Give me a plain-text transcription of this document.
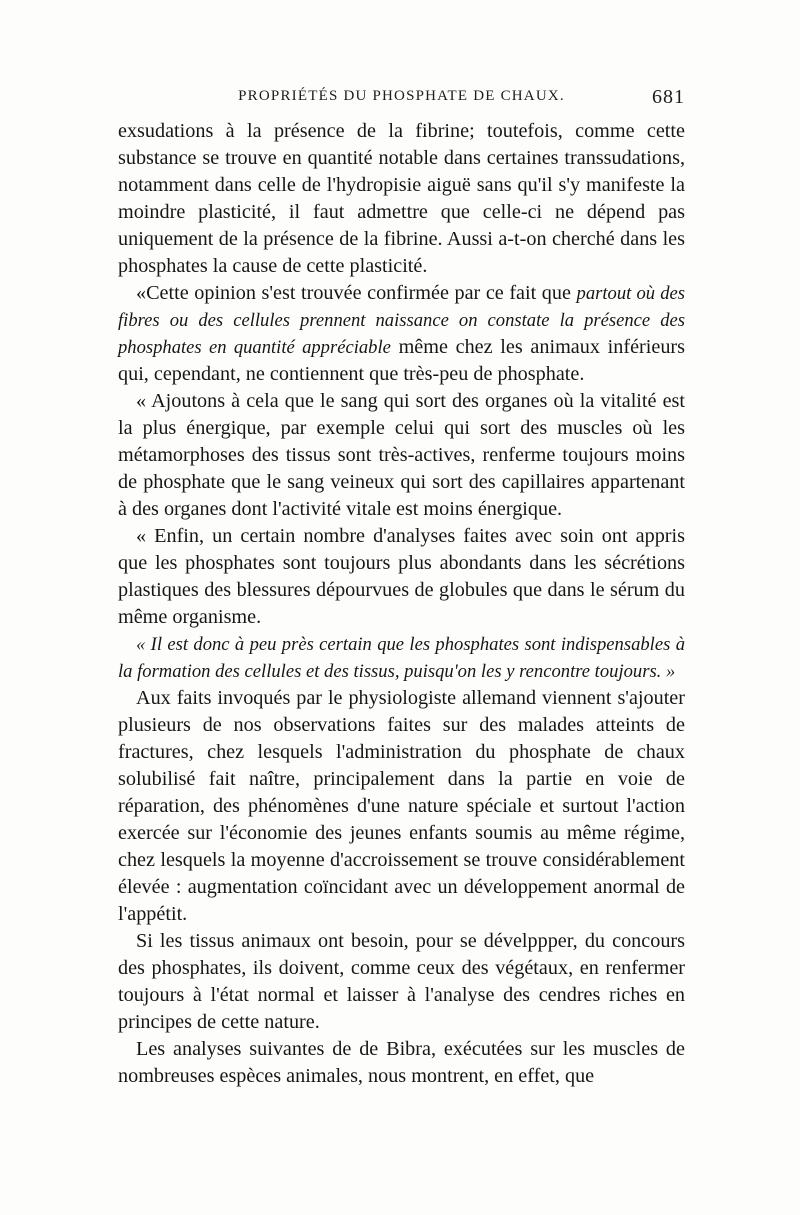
PROPRIÉTÉS DU PHOSPHATE DE CHAUX.	681

exsudations à la présence de la fibrine; toutefois, comme cette substance se trouve en quantité notable dans certaines transsudations, notamment dans celle de l'hydropisie aiguë sans qu'il s'y manifeste la moindre plasticité, il faut admettre que celle-ci ne dépend pas uniquement de la présence de la fibrine. Aussi a-t-on cherché dans les phosphates la cause de cette plasticité.

«Cette opinion s'est trouvée confirmée par ce fait que partout où des fibres ou des cellules prennent naissance on constate la présence des phosphates en quantité appréciable même chez les animaux inférieurs qui, cependant, ne contiennent que très-peu de phosphate.

« Ajoutons à cela que le sang qui sort des organes où la vitalité est la plus énergique, par exemple celui qui sort des muscles où les métamorphoses des tissus sont très-actives, renferme toujours moins de phosphate que le sang veineux qui sort des capillaires appartenant à des organes dont l'activité vitale est moins énergique.

« Enfin, un certain nombre d'analyses faites avec soin ont appris que les phosphates sont toujours plus abondants dans les sécrétions plastiques des blessures dépourvues de globules que dans le sérum du même organisme.

« Il est donc à peu près certain que les phosphates sont indispensables à la formation des cellules et des tissus, puisqu'on les y rencontre toujours. »

Aux faits invoqués par le physiologiste allemand viennent s'ajouter plusieurs de nos observations faites sur des malades atteints de fractures, chez lesquels l'administration du phosphate de chaux solubilisé fait naître, principalement dans la partie en voie de réparation, des phénomènes d'une nature spéciale et surtout l'action exercée sur l'économie des jeunes enfants soumis au même régime, chez lesquels la moyenne d'accroissement se trouve considérablement élevée : augmentation coïncidant avec un développement anormal de l'appétit.

Si les tissus animaux ont besoin, pour se dévelppper, du concours des phosphates, ils doivent, comme ceux des végétaux, en renfermer toujours à l'état normal et laisser à l'analyse des cendres riches en principes de cette nature.

Les analyses suivantes de de Bibra, exécutées sur les muscles de nombreuses espèces animales, nous montrent, en effet, que
